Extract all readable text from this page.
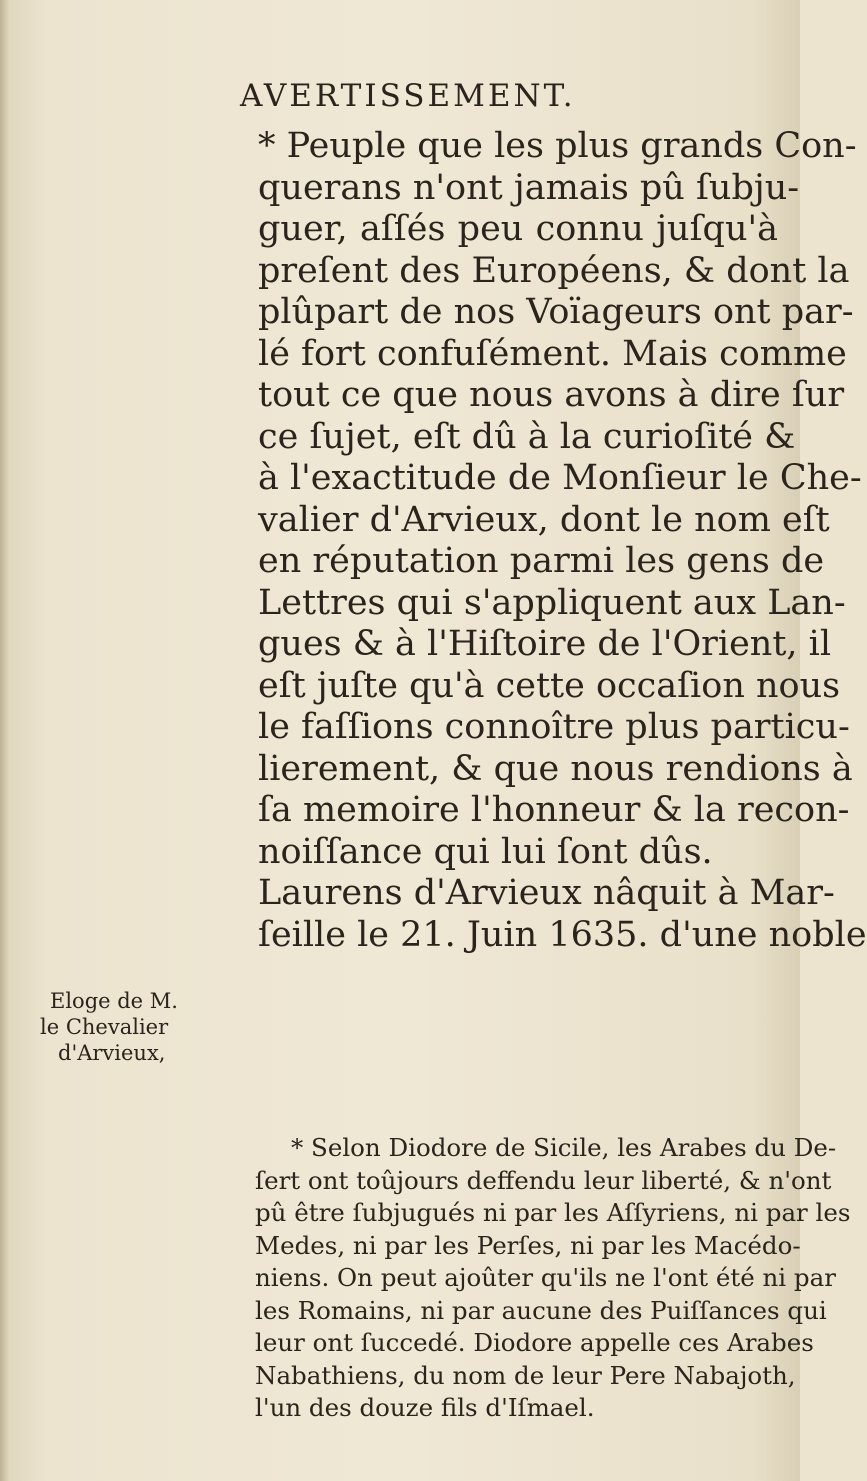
AVERTISSEMENT.
* Peuple que les plus grands Con-
querans n'ont jamais pû ſubju-
guer, aſſés peu connu juſqu'à
preſent des Européens, & dont la
plûpart de nos Voïageurs ont par-
lé fort confuſément. Mais comme
tout ce que nous avons à dire ſur
ce ſujet, eſt dû à la curioſité &
à l'exactitude de Monſieur le Che-
valier d'Arvieux, dont le nom eſt
en réputation parmi les gens de
Lettres qui s'appliquent aux Lan-
gues & à l'Hiſtoire de l'Orient, il
eſt juſte qu'à cette occaſion nous
le faſſions connoître plus particu-
lierement, & que nous rendions à
ſa memoire l'honneur & la recon-
noiſſance qui lui ſont dûs.
Laurens d'Arvieux nâquit à Mar-
ſeille le 21. Juin 1635. d'une noble
Eloge de M.
le Chevalier
d'Arvieux,
* Selon Diodore de Sicile, les Arabes du De-
ſert ont toûjours deffendu leur liberté, & n'ont
pû être ſubjugués ni par les Aſſyriens, ni par les
Medes, ni par les Perſes, ni par les Macédo-
niens. On peut ajoûter qu'ils ne l'ont été ni par
les Romains, ni par aucune des Puiſſances qui
leur ont ſuccedé. Diodore appelle ces Arabes
Nabathiens, du nom de leur Pere Nabajoth,
l'un des douze fils d'Iſmael.
